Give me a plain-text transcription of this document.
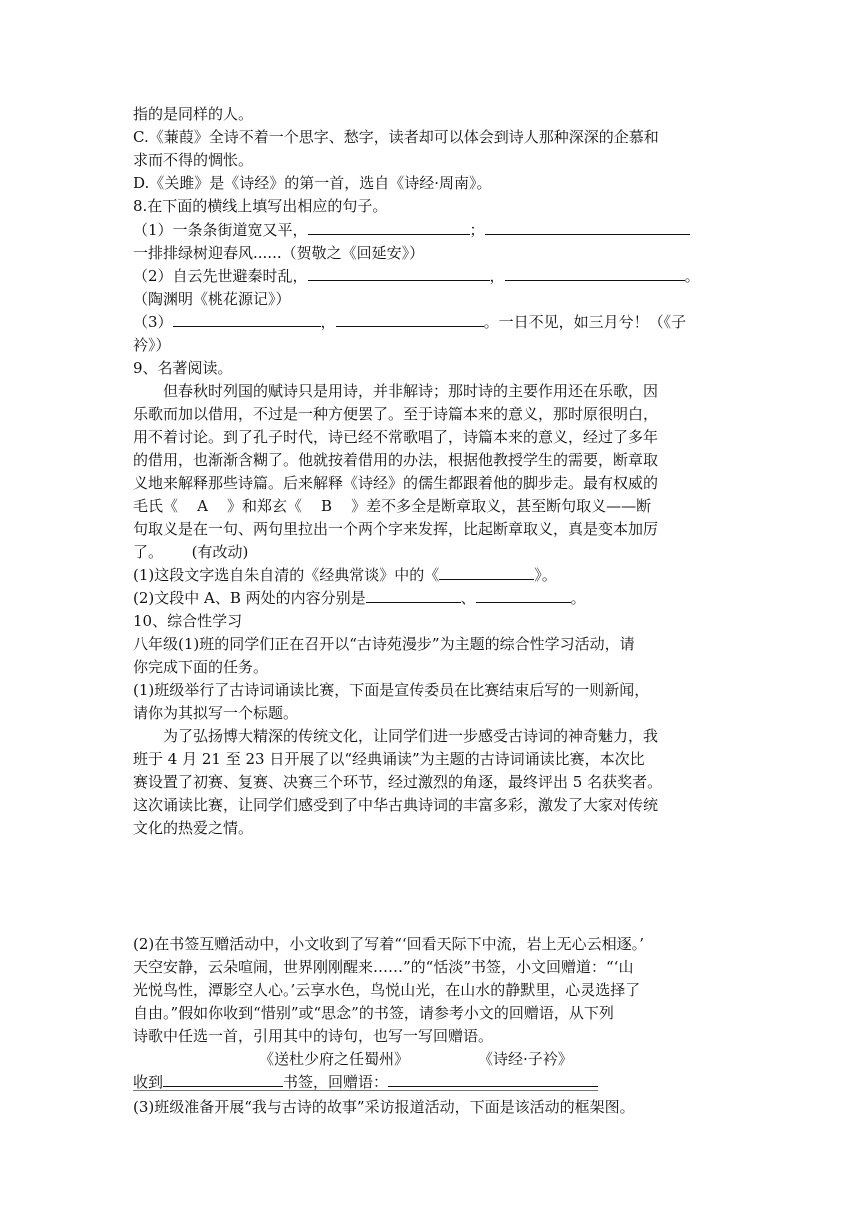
指的是同样的人。
C.《蒹葭》全诗不着一个思字、愁字，读者却可以体会到诗人那种深深的企慕和
求而不得的惆怅。
D.《关雎》是《诗经》的第一首，选自《诗经·周南》。
8.在下面的横线上填写出相应的句子。
（1）一条条街道宽又平，	；
一排排绿树迎春风......（贺敬之《回延安》）
（2）自云先世避秦时乱，	，	。
（陶渊明《桃花源记》）
（3）	，	。一日不见，如三月兮！（《子
衿》）
9、名著阅读。
但春秋时列国的赋诗只是用诗，并非解诗；那时诗的主要作用还在乐歌，因
乐歌而加以借用，不过是一种方便罢了。至于诗篇本来的意义，那时原很明白，
用不着讨论。到了孔子时代，诗已经不常歌唱了，诗篇本来的意义，经过了多年
的借用，也渐渐含糊了。他就按着借用的办法，根据他教授学生的需要，断章取
义地来解释那些诗篇。后来解释《诗经》的儒生都跟着他的脚步走。最有权威的
毛氏《    A    》和郑玄《    B    》差不多全是断章取义，甚至断句取义——断
句取义是在一句、两句里拉出一个两个字来发挥，比起断章取义，真是变本加厉
了。      (有改动)
(1)这段文字选自朱自清的《经典常谈》中的《	》。
(2)文段中 A、B 两处的内容分别是	、	。
10、综合性学习
八年级(1)班的同学们正在召开以“古诗苑漫步”为主题的综合性学习活动，请
你完成下面的任务。
(1)班级举行了古诗词诵读比赛，下面是宣传委员在比赛结束后写的一则新闻，
请你为其拟写一个标题。
为了弘扬博大精深的传统文化，让同学们进一步感受古诗词的神奇魅力，我
班于 4 月 21 至 23 日开展了以“经典诵读”为主题的古诗词诵读比赛，本次比
赛设置了初赛、复赛、决赛三个环节，经过激烈的角逐，最终评出 5 名获奖者。
这次诵读比赛，让同学们感受到了中华古典诗词的丰富多彩，激发了大家对传统
文化的热爱之情。
(2)在书签互赠活动中，小文收到了写着“‘回看天际下中流，岩上无心云相逐。’
天空安静，云朵喧闹，世界刚刚醒来……”的“恬淡”书签，小文回赠道：“‘山
光悦鸟性，潭影空人心。’云享水色，鸟悦山光，在山水的静默里，心灵选择了
自由。”假如你收到“惜别”或“思念”的书签，请参考小文的回赠语，从下列
诗歌中任选一首，引用其中的诗句，也写一写回赠语。
《送杜少府之任蜀州》	《诗经·子衿》
收到	书签，回赠语：
(3)班级准备开展“我与古诗的故事”采访报道活动，下面是该活动的框架图。
